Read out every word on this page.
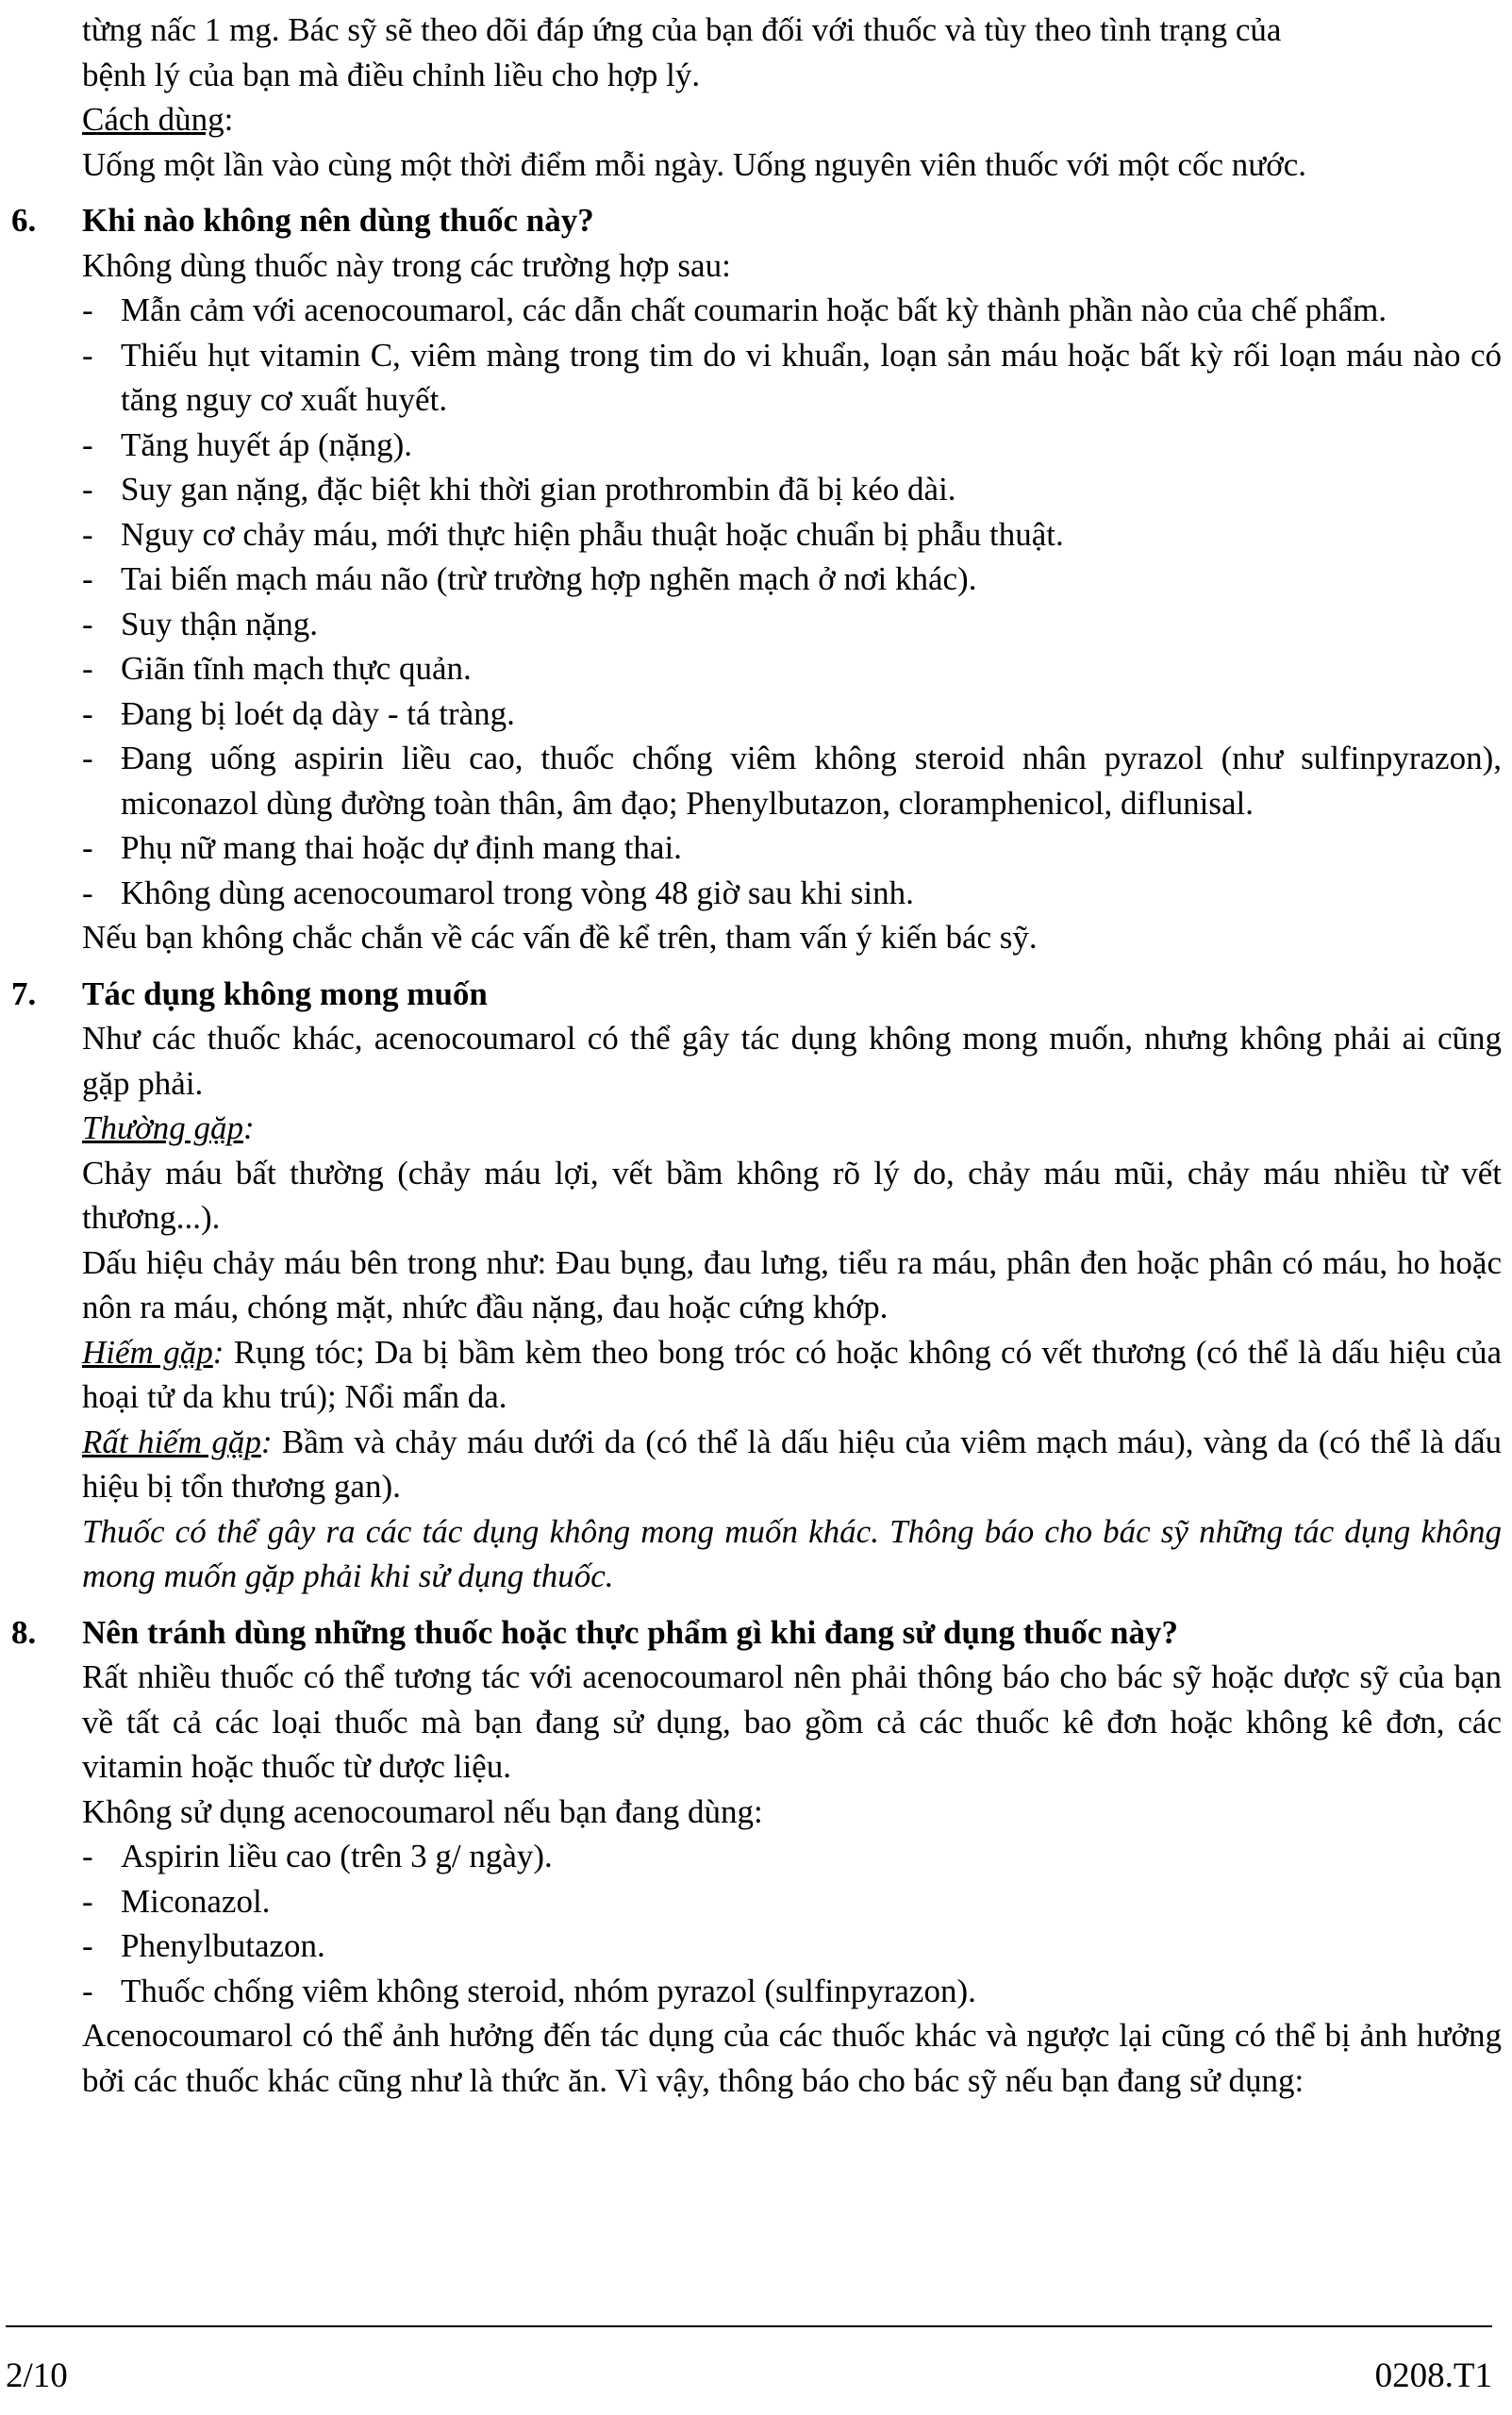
từng nấc 1 mg. Bác sỹ sẽ theo dõi đáp ứng của bạn đối với thuốc và tùy theo tình trạng của

bệnh lý của bạn mà điều chỉnh liều cho hợp lý.

Cách dùng:

Uống một lần vào cùng một thời điểm mỗi ngày. Uống nguyên viên thuốc với một cốc nước.

6.	Khi nào không nên dùng thuốc này?

Không dùng thuốc này trong các trường hợp sau:

- Mẫn cảm với acenocoumarol, các dẫn chất coumarin hoặc bất kỳ thành phần nào của chế phẩm.
- Thiếu hụt vitamin C, viêm màng trong tim do vi khuẩn, loạn sản máu hoặc bất kỳ rối loạn máu nào có tăng nguy cơ xuất huyết.
- Tăng huyết áp (nặng).
- Suy gan nặng, đặc biệt khi thời gian prothrombin đã bị kéo dài.
- Nguy cơ chảy máu, mới thực hiện phẫu thuật hoặc chuẩn bị phẫu thuật.
- Tai biến mạch máu não (trừ trường hợp nghẽn mạch ở nơi khác).
- Suy thận nặng.
- Giãn tĩnh mạch thực quản.
- Đang bị loét dạ dày - tá tràng.
- Đang uống aspirin liều cao, thuốc chống viêm không steroid nhân pyrazol (như sulfinpyrazon), miconazol dùng đường toàn thân, âm đạo; Phenylbutazon, cloramphenicol, diflunisal.
- Phụ nữ mang thai hoặc dự định mang thai.
- Không dùng acenocoumarol trong vòng 48 giờ sau khi sinh.

Nếu bạn không chắc chắn về các vấn đề kể trên, tham vấn ý kiến bác sỹ.

7.	Tác dụng không mong muốn

Như các thuốc khác, acenocoumarol có thể gây tác dụng không mong muốn, nhưng không phải ai cũng gặp phải.

Thường gặp:

Chảy máu bất thường (chảy máu lợi, vết bầm không rõ lý do, chảy máu mũi, chảy máu nhiều từ vết thương...).

Dấu hiệu chảy máu bên trong như: Đau bụng, đau lưng, tiểu ra máu, phân đen hoặc phân có máu, ho hoặc nôn ra máu, chóng mặt, nhức đầu nặng, đau hoặc cứng khớp.

Hiếm gặp: Rụng tóc; Da bị bầm kèm theo bong tróc có hoặc không có vết thương (có thể là dấu hiệu của hoại tử da khu trú); Nổi mẩn da.

Rất hiếm gặp: Bầm và chảy máu dưới da (có thể là dấu hiệu của viêm mạch máu), vàng da (có thể là dấu hiệu bị tổn thương gan).

Thuốc có thể gây ra các tác dụng không mong muốn khác. Thông báo cho bác sỹ những tác dụng không mong muốn gặp phải khi sử dụng thuốc.

8.	Nên tránh dùng những thuốc hoặc thực phẩm gì khi đang sử dụng thuốc này?

Rất nhiều thuốc có thể tương tác với acenocoumarol nên phải thông báo cho bác sỹ hoặc dược sỹ của bạn về tất cả các loại thuốc mà bạn đang sử dụng, bao gồm cả các thuốc kê đơn hoặc không kê đơn, các vitamin hoặc thuốc từ dược liệu.

Không sử dụng acenocoumarol nếu bạn đang dùng:

- Aspirin liều cao (trên 3 g/ ngày).
- Miconazol.
- Phenylbutazon.
- Thuốc chống viêm không steroid, nhóm pyrazol (sulfinpyrazon).

Acenocoumarol có thể ảnh hưởng đến tác dụng của các thuốc khác và ngược lại cũng có thể bị ảnh hưởng bởi các thuốc khác cũng như là thức ăn. Vì vậy, thông báo cho bác sỹ nếu bạn đang sử dụng:

2/10	0208.T1
